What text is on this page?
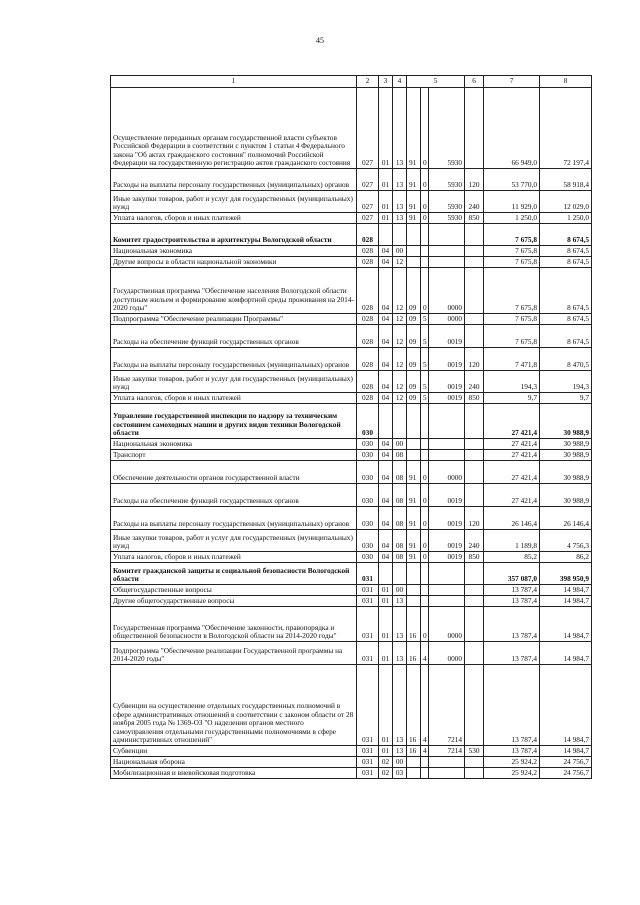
45
1	2	3	4	5			6	7	8
Осуществление переданных органам государственной власти субъектов Российской Федерации в соответствии с пунктом 1 статьи 4 Федерального закона "Об актах гражданского состояния" полномочий Российской Федерации на государственную регистрацию актов гражданского состояния	027	01	13	91	0	5930		66 949,0	72 197,4
Расходы на выплаты персоналу государственных (муниципальных) органов	027	01	13	91	0	5930	120	53 770,0	58 918,4
Иные закупки товаров, работ и услуг для государственных (муниципальных) нужд	027	01	13	91	0	5930	240	11 929,0	12 029,0
Уплата налогов, сборов и иных платежей	027	01	13	91	0	5930	850	1 250,0	1 250,0
Комитет градостроительства и архитектуры Вологодской области	028							7 675,8	8 674,5
Национальная экономика	028	04	00					7 675,8	8 674,5
Другие вопросы в области национальной экономики	028	04	12					7 675,8	8 674,5
Государственная программа "Обеспечение населения Вологодской области доступным жильем и формирование комфортной среды проживания на 2014-2020 годы"	028	04	12	09	0	0000		7 675,8	8 674,5
Подпрограмма "Обеспечение реализации Программы"	028	04	12	09	5	0000		7 675,8	8 674,5
Расходы на обеспечение функций государственных органов	028	04	12	09	5	0019		7 675,8	8 674,5
Расходы на выплаты персоналу государственных (муниципальных) органов	028	04	12	09	5	0019	120	7 471,8	8 470,5
Иные закупки товаров, работ и услуг для государственных (муниципальных) нужд	028	04	12	09	5	0019	240	194,3	194,3
Уплата налогов, сборов и иных платежей	028	04	12	09	5	0019	850	9,7	9,7
Управление государственной инспекции по надзору за техническим состоянием самоходных машин и других видов техники Вологодской области	030							27 421,4	30 988,9
Национальная экономика	030	04	00					27 421,4	30 988,9
Транспорт	030	04	08					27 421,4	30 988,9
Обеспечение деятельности органов государственной власти	030	04	08	91	0	0000		27 421,4	30 988,9
Расходы на обеспечение функций государственных органов	030	04	08	91	0	0019		27 421,4	30 988,9
Расходы на выплаты персоналу государственных (муниципальных) органов	030	04	08	91	0	0019	120	26 146,4	26 146,4
Иные закупки товаров, работ и услуг для государственных (муниципальных) нужд	030	04	08	91	0	0019	240	1 189,8	4 756,3
Уплата налогов, сборов и иных платежей	030	04	08	91	0	0019	850	85,2	86,2
Комитет гражданской защиты и социальной безопасности Вологодской области	031							357 087,0	398 950,9
Общегосударственные вопросы	031	01	00					13 787,4	14 984,7
Другие общегосударственные вопросы	031	01	13					13 787,4	14 984,7
Государственная программа "Обеспечение законности, правопорядка и общественной безопасности в Вологодской области на 2014-2020 годы"	031	01	13	16	0	0000		13 787,4	14 984,7
Подпрограмма "Обеспечение реализации Государственной программы на 2014-2020 годы"	031	01	13	16	4	0000		13 787,4	14 984,7
Субвенции на осуществление отдельных государственных полномочий в сфере административных отношений в соответствии с законом области от 28 ноября 2005 года № 1369-ОЗ "О наделении органов местного самоуправления отдельными государственными полномочиями в сфере административных отношений"	031	01	13	16	4	7214		13 787,4	14 984,7
Субвенции	031	01	13	16	4	7214	530	13 787,4	14 984,7
Национальная оборона	031	02	00					25 924,2	24 756,7
Мобилизационная и вневойсковая подготовка	031	02	03					25 924,2	24 756,7
